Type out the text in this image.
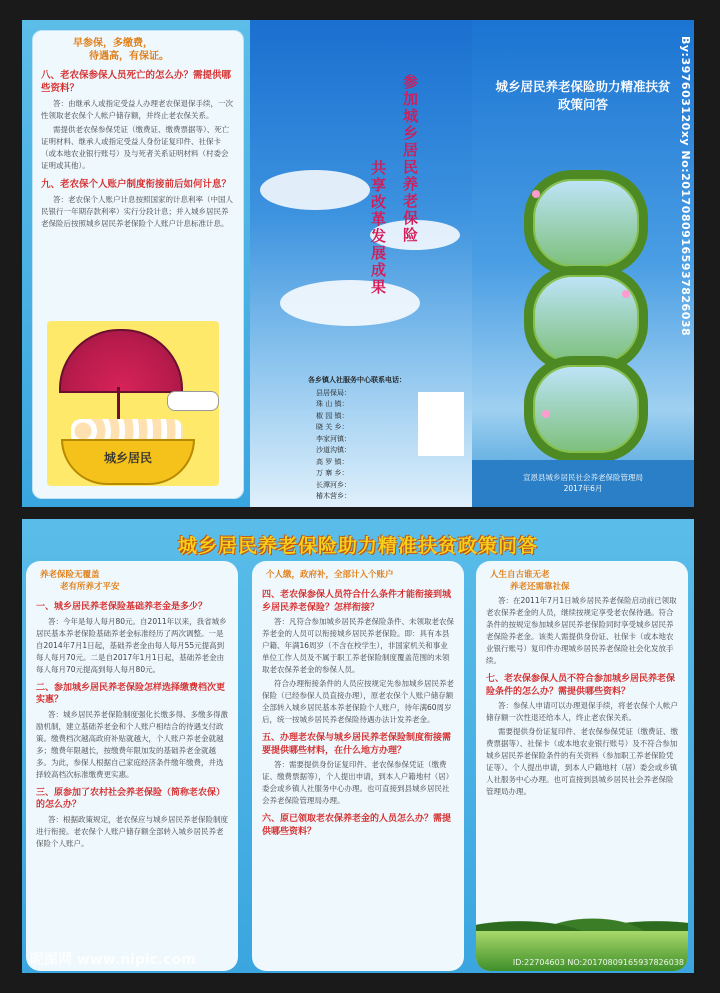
早参保，多缴费，
待遇高，有保证。
八、老农保参保人员死亡的怎么办？需提供哪些资料？
答：由继承人或指定受益人办理老农保退保手续，一次性领取老农保个人帐户储存额，并终止老农保关系。
需提供老农保参保凭证（缴费证、缴费票据等）、死亡证明材料、继承人或指定受益人身份证复印件、社保卡（或本地农业银行账号）及与死者关系证明材料（村委会证明或其他）。
九、老农保个人账户制度衔接前后如何计息？
答：老农保个人账户计息按照国家的计息利率（中国人民银行一年期存款利率）实行分段计息；并入城乡居民养老保险后按照城乡居民养老保险个人账户计息标准计息。
城乡居民
参加城乡居民养老保险
共享改革发展成果
各乡镇人社服务中心联系电话：
县居保局：
珠 山 镇：
椒 园 镇：
晓 关 乡：
李家河镇：
沙道沟镇：
高 罗 镇：
万 寨 乡：
长潭河乡：
椿木营乡：
城乡居民养老保险助力精准扶贫
政策问答
宣恩县城乡居民社会养老保险管理局
2017年6月
By:397603120xy No:20170809165937826038
城乡居民养老保险助力精准扶贫政策问答
养老保险无覆盖
老有所养才平安
一、城乡居民养老保险基础养老金是多少？
答：今年是每人每月80元。自2011年以来，我省城乡居民基本养老保险基础养老金标准经历了两次调整。一是自2014年7月1日起，基础养老金由每人每月55元提高到每人每月70元。二是自2017年1月1日起，基础养老金由每人每月70元提高到每人每月80元。
二、参加城乡居民养老保险怎样选择缴费档次更实惠？
答：城乡居民养老保险制度强化长缴多得、多缴多得激励机制，建立基础养老金和个人账户相结合的待遇支付政策。缴费档次越高政府补贴就越大，个人账户养老金就越多；缴费年限越长，按缴费年限加发的基础养老金就越多。为此，参保人根据自己家庭经济条件缴年缴费，并选择较高档次标准缴费更实惠。
三、原参加了农村社会养老保险（简称老农保）的怎么办？
答：根据政策规定，老农保应与城乡居民养老保险制度进行衔接。老农保个人账户储存额全部转入城乡居民养老保险个人账户。
个人缴，政府补，全部计入个账户
四、老农保参保人员符合什么条件才能衔接到城乡居民养老保险？怎样衔接？
答：凡符合参加城乡居民养老保险条件、未领取老农保养老金的人员可以衔接城乡居民养老保险。即：具有本县户籍、年满16周岁（不含在校学生），非国家机关和事业单位工作人员及不属于职工养老保险制度覆盖范围的未领取老农保养老金的参保人员。
符合办理衔接条件的人员应按规定先参加城乡居民养老保险（已经参保人员直接办理），原老农保个人账户储存额全部转入城乡居民基本养老保险个人账户，待年满60周岁后，统一按城乡居民养老保险待遇办法计发养老金。
五、办理老农保与城乡居民养老保险制度衔接需要提供哪些材料，在什么地方办理？
答：需要提供身份证复印件、老农保参保凭证（缴费证、缴费票据等），个人提出申请，到本人户籍地村（居）委会或乡镇人社服务中心办理。也可直接到县城乡居民社会养老保险管理局办理。
六、原已领取老农保养老金的人员怎么办？需提供哪些资料？
人生自古谁无老
养老还需靠社保
答：在2011年7月1日城乡居民养老保险启动前已领取老农保养老金的人员，继续按规定享受老农保待遇。符合条件的按规定参加城乡居民养老保险同时享受城乡居民养老保险养老金。该类人需提供身份证、社保卡（或本地农业银行账号）复印件办理城乡居民养老保险社会化发放手续。
七、老农保参保人员不符合参加城乡居民养老保险条件的怎么办？需提供哪些资料？
答：参保人申请可以办理退保手续，将老农保个人帐户储存额一次性退还给本人，终止老农保关系。
需要提供身份证复印件、老农保参保凭证（缴费证、缴费票据等）、社保卡（或本地农业银行账号）及不符合参加城乡居民养老保险条件的有关资料（参加职工养老保险凭证等）。个人提出申请，到本人户籍地村（居）委会或乡镇人社服务中心办理。也可直接到县城乡居民社会养老保险管理局办理。
昵图网 www.nipic.com	ID:22704603 NO:20170809165937826038
